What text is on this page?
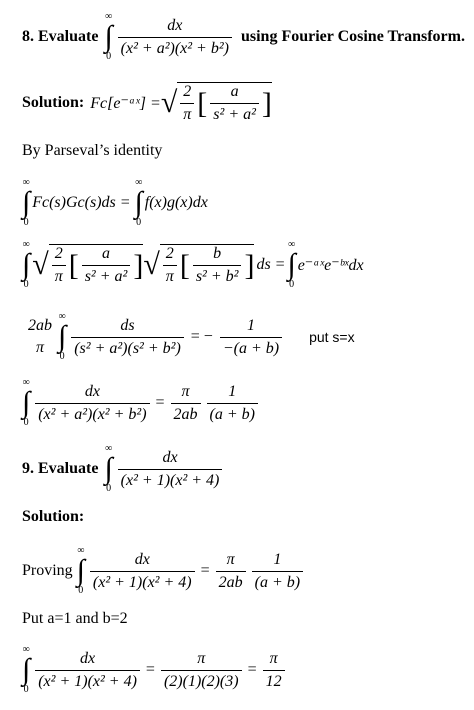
8. Evaluate
∞
∫
$0 \frac{dx}{\text{(x² + a²)(x² + b²)}}$ using Fourier Cosine Transform.
Solution: Fc[e⁻ᵃˣ] = √ $\frac{2}{\pi}$ [ $\frac{a}{\text{s² + a²}}$ ]
By Parseval’s identity
∞
∫
0
Fc(s)Gc(s)ds =
∞
∫
0
f(x)g(x)dx
∞
∫
0
√ $\frac{2}{\pi}$ [ $\frac{a}{\text{s² + a²}}$ ] √ $\frac{2}{\pi}$ [ $\frac{b}{\text{s² + b²}}$ ] ds =
∞
∫
0
e⁻ᵃˣe⁻ᵇˣdx
2ab
π
∞
∫
$0 \frac{ds}{\text{(s² + a²)(s² + b²)}}$ = − $\frac{1}{-(a + b)}$ put s=x
∞
∫
$0 \frac{dx}{\text{(x² + a²)(x² + b²)}} = \frac{\pi}{2ab} \frac{1}{(a + b)}$
9. Evaluate
∞
∫
$0 \frac{dx}{\text{(x² + 1)(x² + 4)}}$
Solution:
Proving
∞
∫
$0 \frac{dx}{\text{(x² + 1)(x² + 4)}} = \frac{\pi}{2ab} \frac{1}{(a + b)}$
Put a=1 and b=2
∞
∫
$0 \frac{dx}{\text{(x² + 1)(x² + 4)}} = \frac{\pi}{(2)(1)(2)(3)} = \frac{\pi}{12}$
